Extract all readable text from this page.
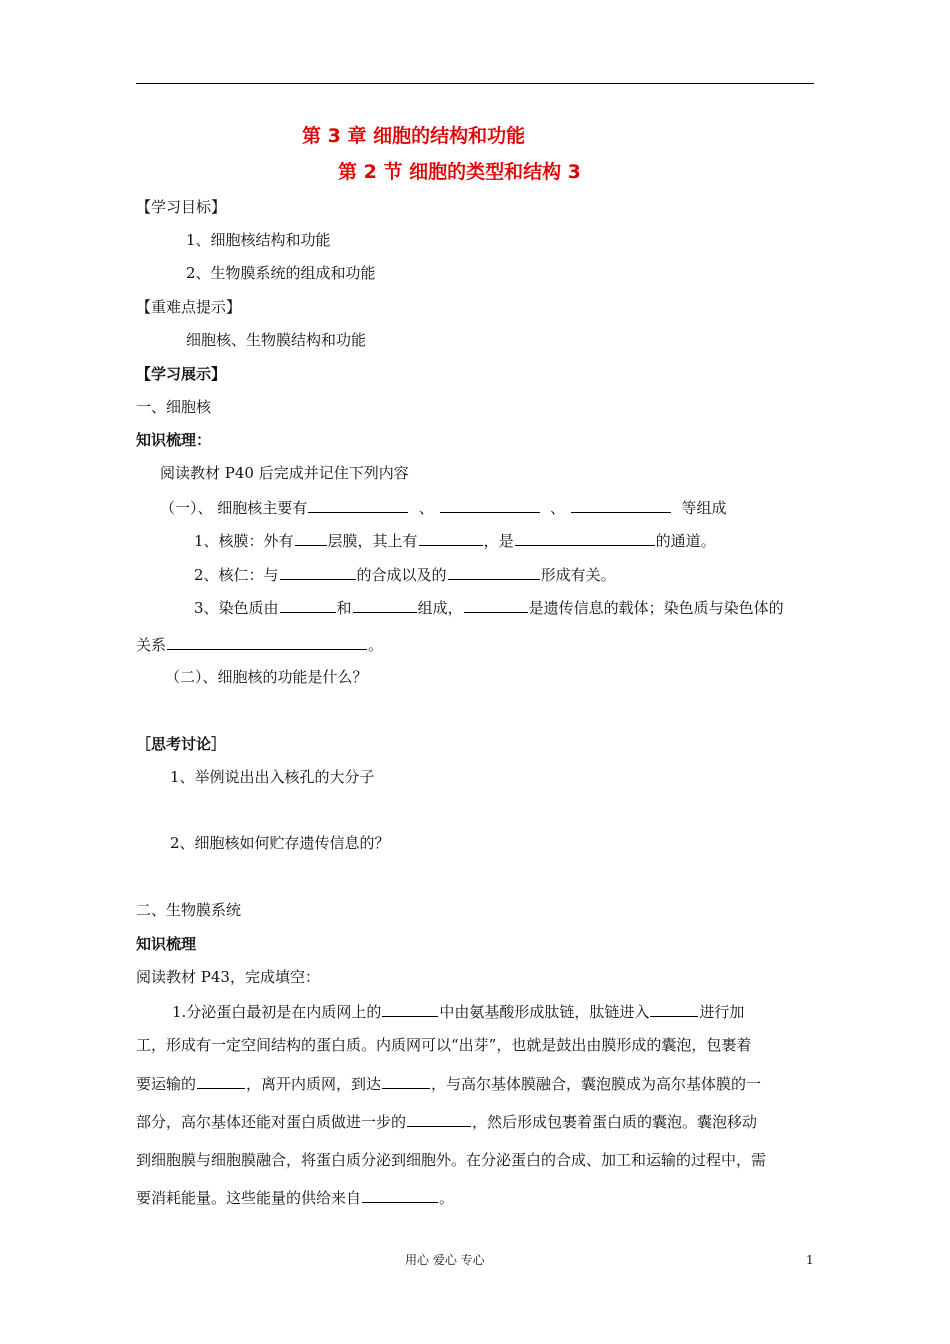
第 3 章 细胞的结构和功能
第 2 节 细胞的类型和结构 3
【学习目标】
1、细胞核结构和功能
2、生物膜系统的组成和功能
【重难点提示】
细胞核、生物膜结构和功能
【学习展示】
一、细胞核
知识梳理：
阅读教材 P40 后完成并记住下列内容
（一）、 细胞核主要有	、	、	等组成
1、核膜：外有 层膜，其上有	，是	的通道。
2、核仁：与	的合成以及的	形成有关。
3、染色质由	和	组成，	是遗传信息的载体；染色质与染色体的
关系	。
（二）、细胞核的功能是什么？
［思考讨论］
1、举例说出出入核孔的大分子
2、细胞核如何贮存遗传信息的？
二、生物膜系统
知识梳理
阅读教材 P43，完成填空：
1.分泌蛋白最初是在内质网上的	中由氨基酸形成肽链，肽链进入	进行加
工，形成有一定空间结构的蛋白质。内质网可以“出芽”，也就是鼓出由膜形成的囊泡，包裹着
要运输的	，离开内质网，到达	，与高尔基体膜融合，囊泡膜成为高尔基体膜的一
部分，高尔基体还能对蛋白质做进一步的	，然后形成包裹着蛋白质的囊泡。囊泡移动
到细胞膜与细胞膜融合，将蛋白质分泌到细胞外。在分泌蛋白的合成、加工和运输的过程中，需
要消耗能量。这些能量的供给来自	。
用心 爱心 专心	1
